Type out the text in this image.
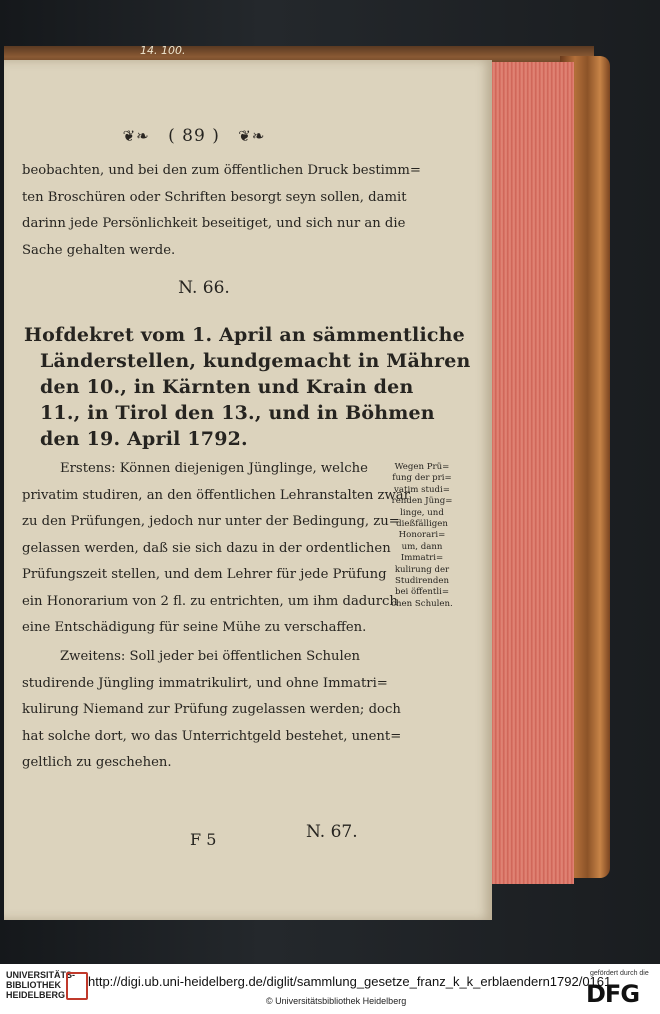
14. 100.
❦❧ ( 89 ) ❦❧
beobachten, und bei den zum öffentlichen Druck bestimm=
ten Broschüren oder Schriften besorgt seyn sollen, damit
darinn jede Persönlichkeit beseitiget, und sich nur an die
Sache gehalten werde.
N. 66.
Hofdekret vom 1. April an sämmentliche
Länderstellen, kundgemacht in Mähren
den 10., in Kärnten und Krain den
11., in Tirol den 13., und in Böhmen
den 19. April 1792.
Erstens: Können diejenigen Jünglinge, welche
privatim studiren, an den öffentlichen Lehranstalten zwar
zu den Prüfungen, jedoch nur unter der Bedingung, zu=
gelassen werden, daß sie sich dazu in der ordentlichen
Prüfungszeit stellen, und dem Lehrer für jede Prüfung
ein Honorarium von 2 fl. zu entrichten, um ihm dadurch
eine Entschädigung für seine Mühe zu verschaffen.
Wegen Prü=
fung der pri=
vatim studi=
renden Jüng=
linge, und
dießfälligen
Honorari=
um, dann
Immatri=
kulirung der
Studirenden
bei öffentli=
chen Schulen.
Zweitens: Soll jeder bei öffentlichen Schulen
studirende Jüngling immatrikulirt, und ohne Immatri=
kulirung Niemand zur Prüfung zugelassen werden; doch
hat solche dort, wo das Unterrichtgeld bestehet, unent=
geltlich zu geschehen.
F 5	N. 67.
UNIVERSITÄTS-
BIBLIOTHEK
HEIDELBERG
http://digi.ub.uni-heidelberg.de/diglit/sammlung_gesetze_franz_k_k_erblaendern1792/0161
© Universitätsbibliothek Heidelberg
gefördert durch die
DFG
